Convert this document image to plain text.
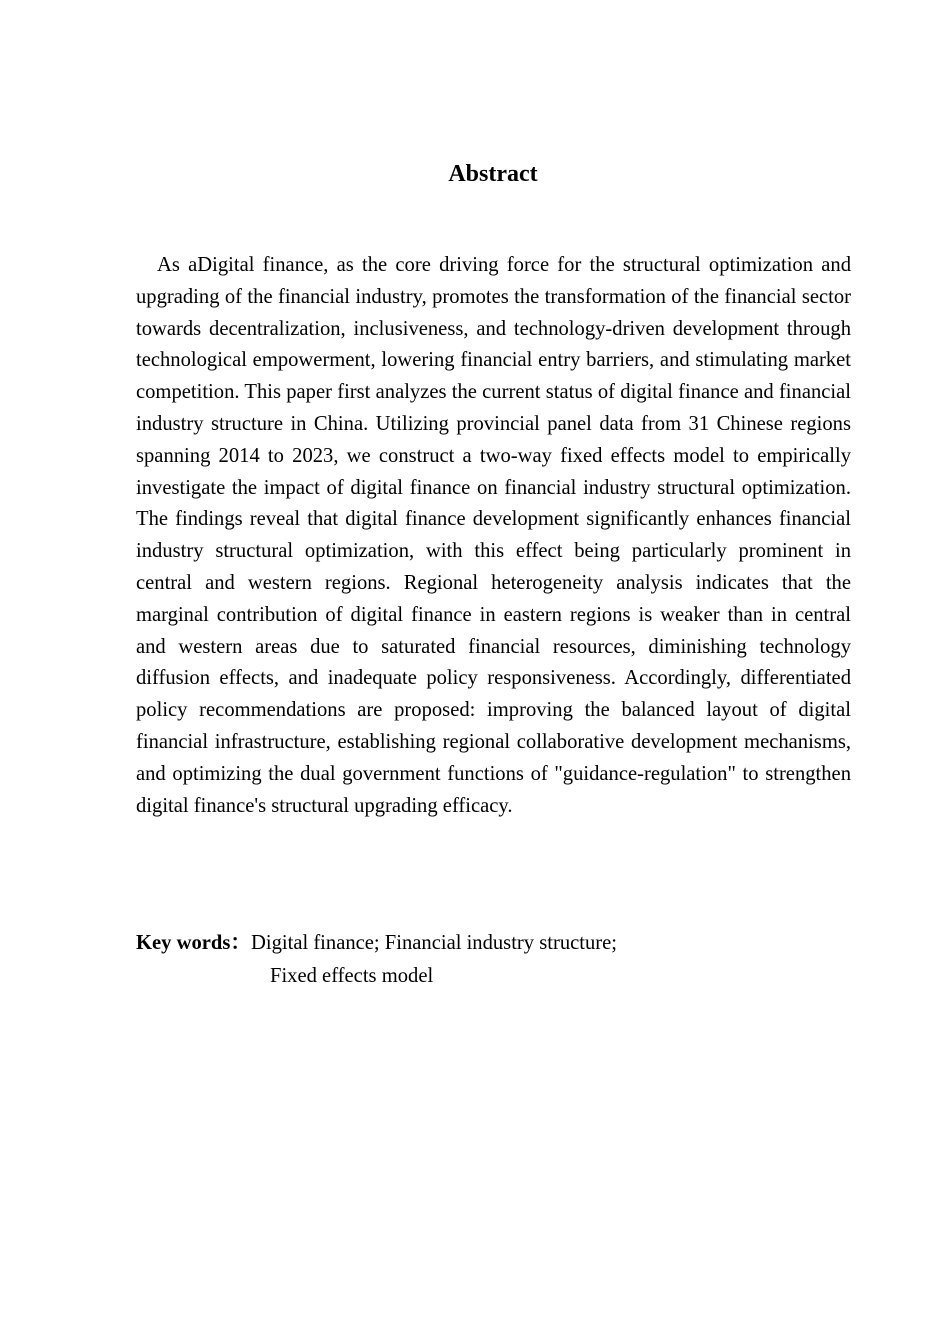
Abstract

As aDigital finance, as the core driving force for the structural optimization and upgrading of the financial industry, promotes the transformation of the financial sector towards decentralization, inclusiveness, and technology-driven development through technological empowerment, lowering financial entry barriers, and stimulating market competition. This paper first analyzes the current status of digital finance and financial industry structure in China. Utilizing provincial panel data from 31 Chinese regions spanning 2014 to 2023, we construct a two-way fixed effects model to empirically investigate the impact of digital finance on financial industry structural optimization. The findings reveal that digital finance development significantly enhances financial industry structural optimization, with this effect being particularly prominent in central and western regions. Regional heterogeneity analysis indicates that the marginal contribution of digital finance in eastern regions is weaker than in central and western areas due to saturated financial resources, diminishing technology diffusion effects, and inadequate policy responsiveness. Accordingly, differentiated policy recommendations are proposed: improving the balanced layout of digital financial infrastructure, establishing regional collaborative development mechanisms, and optimizing the dual government functions of "guidance-regulation" to strengthen digital finance's structural upgrading efficacy.

Key words：Digital finance; Financial industry structure;
Fixed effects model
